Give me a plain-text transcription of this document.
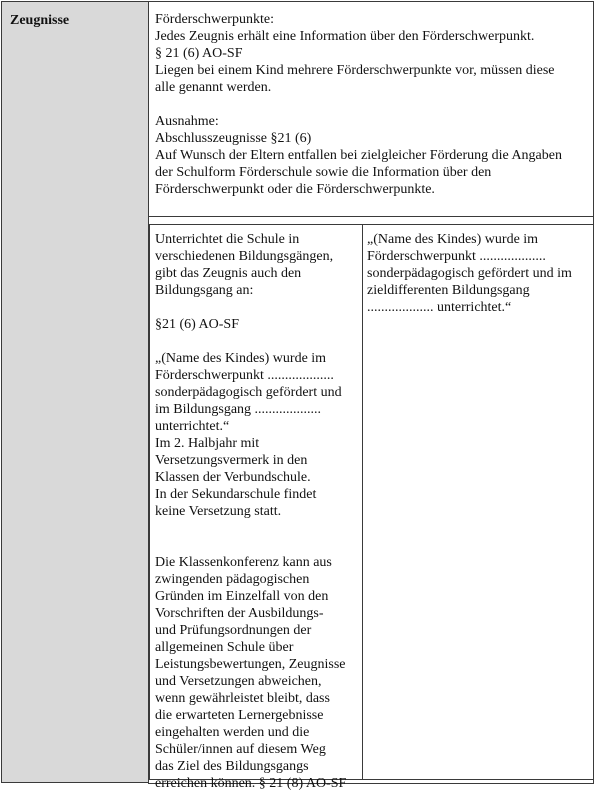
Zeugnisse	Förderschwerpunkte:
Jedes Zeugnis erhält eine Information über den Förderschwerpunkt.
§ 21 (6) AO-SF
Liegen bei einem Kind mehrere Förderschwerpunkte vor, müssen diese
alle genannt werden.

Ausnahme:
Abschlusszeugnisse §21 (6)
Auf Wunsch der Eltern entfallen bei zielgleicher Förderung die Angaben
der Schulform Förderschule sowie die Information über den
Förderschwerpunkt oder die Förderschwerpunkte.
Unterrichtet die Schule in
verschiedenen Bildungsgängen,
gibt das Zeugnis auch den
Bildungsgang an:

§21 (6) AO-SF

„(Name des Kindes) wurde im
Förderschwerpunkt ...................
sonderpädagogisch gefördert und
im Bildungsgang ...................
unterrichtet.“
Im 2. Halbjahr mit
Versetzungsvermerk in den
Klassen der Verbundschule.
In der Sekundarschule findet
keine Versetzung statt.

Die Klassenkonferenz kann aus
zwingenden pädagogischen
Gründen im Einzelfall von den
Vorschriften der Ausbildungs-
und Prüfungsordnungen der
allgemeinen Schule über
Leistungsbewertungen, Zeugnisse
und Versetzungen abweichen,
wenn gewährleistet bleibt, dass
die erwarteten Lernergebnisse
eingehalten werden und die
Schüler/innen auf diesem Weg
das Ziel des Bildungsgangs
erreichen können. § 21 (8) AO-SF
„(Name des Kindes) wurde im
Förderschwerpunkt ...................
sonderpädagogisch gefördert und im
zieldifferenten Bildungsgang
................... unterrichtet.“
